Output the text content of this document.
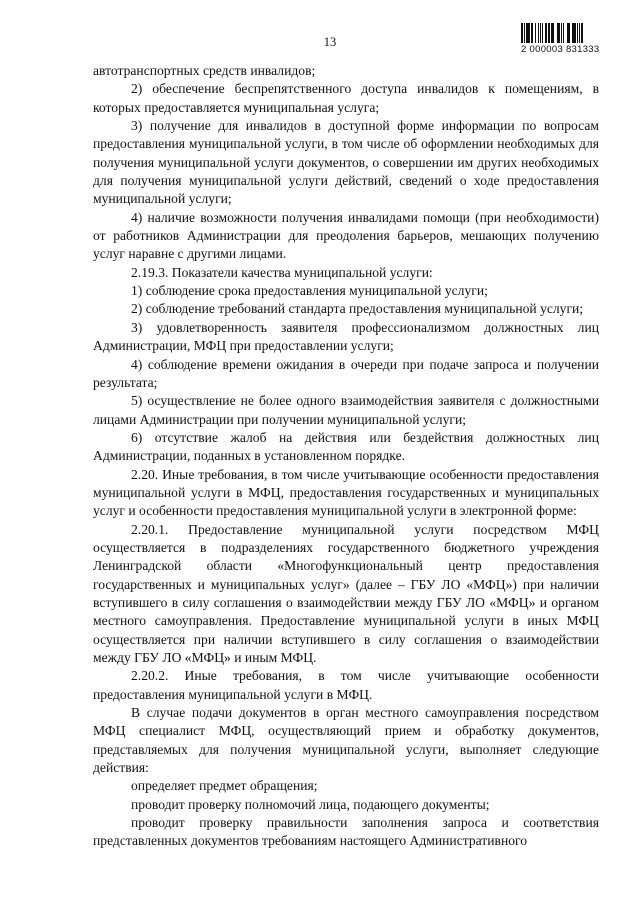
13
2 000003 831333

автотранспортных средств инвалидов;

2) обеспечение беспрепятственного доступа инвалидов к помещениям, в которых предоставляется муниципальная услуга;

3) получение для инвалидов в доступной форме информации по вопросам предоставления муниципальной услуги, в том числе об оформлении необходимых для получения муниципальной услуги документов, о совершении им других необходимых для получения муниципальной услуги действий, сведений о ходе предоставления муниципальной услуги;

4) наличие возможности получения инвалидами помощи (при необходимости) от работников Администрации для преодоления барьеров, мешающих получению услуг наравне с другими лицами.

2.19.3. Показатели качества муниципальной услуги:

1) соблюдение срока предоставления муниципальной услуги;

2) соблюдение требований стандарта предоставления муниципальной услуги;

3) удовлетворенность заявителя профессионализмом должностных лиц Администрации, МФЦ при предоставлении услуги;

4) соблюдение времени ожидания в очереди при подаче запроса и получении результата;

5) осуществление не более одного взаимодействия заявителя с должностными лицами Администрации при получении муниципальной услуги;

6) отсутствие жалоб на действия или бездействия должностных лиц Администрации, поданных в установленном порядке.

2.20. Иные требования, в том числе учитывающие особенности предоставления муниципальной услуги в МФЦ, предоставления государственных и муниципальных услуг и особенности предоставления муниципальной услуги в электронной форме:

2.20.1. Предоставление муниципальной услуги посредством МФЦ осуществляется в подразделениях государственного бюджетного учреждения Ленинградской области «Многофункциональный центр предоставления государственных и муниципальных услуг» (далее – ГБУ ЛО «МФЦ») при наличии вступившего в силу соглашения о взаимодействии между ГБУ ЛО «МФЦ» и органом местного самоуправления. Предоставление муниципальной услуги в иных МФЦ осуществляется при наличии вступившего в силу соглашения о взаимодействии между ГБУ ЛО «МФЦ» и иным МФЦ.

2.20.2. Иные требования, в том числе учитывающие особенности предоставления муниципальной услуги в МФЦ.

В случае подачи документов в орган местного самоуправления посредством МФЦ специалист МФЦ, осуществляющий прием и обработку документов, представляемых для получения муниципальной услуги, выполняет следующие действия:

определяет предмет обращения;

проводит проверку полномочий лица, подающего документы;

проводит проверку правильности заполнения запроса и соответствия представленных документов требованиям настоящего Административного
